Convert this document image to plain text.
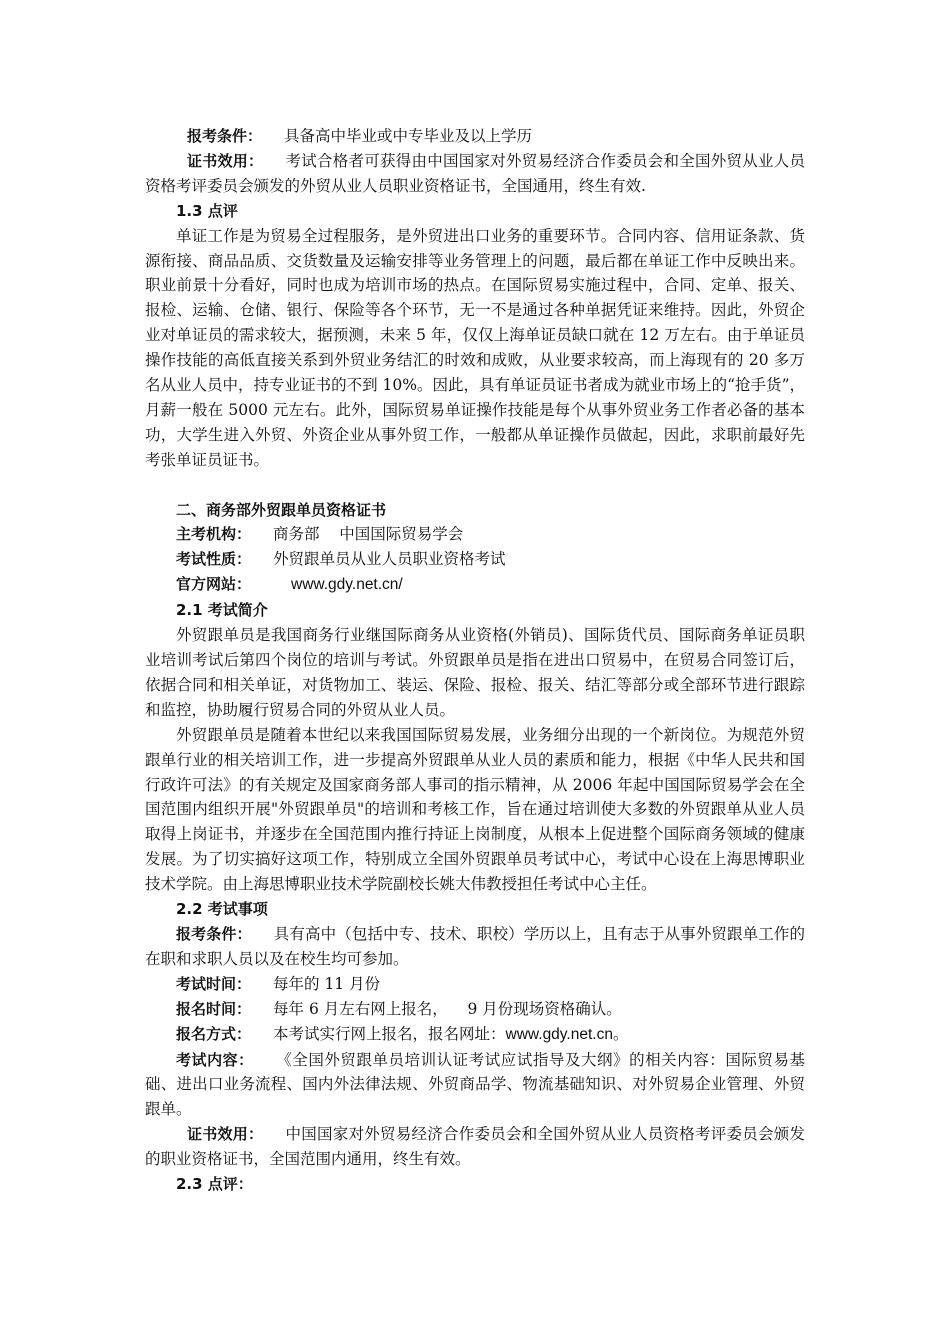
报考条件： 具备高中毕业或中专毕业及以上学历

证书效用： 考试合格者可获得由中国国家对外贸易经济合作委员会和全国外贸从业人员资格考评委员会颁发的外贸从业人员职业资格证书，全国通用，终生有效.

1.3 点评

单证工作是为贸易全过程服务，是外贸进出口业务的重要环节。合同内容、信用证条款、货源衔接、商品品质、交货数量及运输安排等业务管理上的问题，最后都在单证工作中反映出来。职业前景十分看好，同时也成为培训市场的热点。在国际贸易实施过程中，合同、定单、报关、报检、运输、仓储、银行、保险等各个环节，无一不是通过各种单据凭证来维持。因此，外贸企业对单证员的需求较大，据预测，未来 5 年，仅仅上海单证员缺口就在 12 万左右。由于单证员操作技能的高低直接关系到外贸业务结汇的时效和成败，从业要求较高，而上海现有的 20 多万名从业人员中，持专业证书的不到 10%。因此，具有单证员证书者成为就业市场上的“抢手货”，月薪一般在 5000 元左右。此外，国际贸易单证操作技能是每个从事外贸业务工作者必备的基本功，大学生进入外贸、外资企业从事外贸工作，一般都从单证操作员做起，因此，求职前最好先考张单证员证书。

二、商务部外贸跟单员资格证书

主考机构： 商务部    中国国际贸易学会

考试性质： 外贸跟单员从业人员职业资格考试

官方网站：	www.gdy.net.cn/

2.1 考试简介

外贸跟单员是我国商务行业继国际商务从业资格(外销员)、国际货代员、国际商务单证员职业培训考试后第四个岗位的培训与考试。外贸跟单员是指在进出口贸易中，在贸易合同签订后，依据合同和相关单证，对货物加工、装运、保险、报检、报关、结汇等部分或全部环节进行跟踪和监控，协助履行贸易合同的外贸从业人员。

外贸跟单员是随着本世纪以来我国国际贸易发展，业务细分出现的一个新岗位。为规范外贸跟单行业的相关培训工作，进一步提高外贸跟单从业人员的素质和能力，根据《中华人民共和国行政许可法》的有关规定及国家商务部人事司的指示精神，从 2006 年起中国国际贸易学会在全国范围内组织开展"外贸跟单员"的培训和考核工作，旨在通过培训使大多数的外贸跟单从业人员取得上岗证书，并逐步在全国范围内推行持证上岗制度，从根本上促进整个国际商务领域的健康发展。为了切实搞好这项工作，特别成立全国外贸跟单员考试中心，考试中心设在上海思博职业技术学院。由上海思博职业技术学院副校长姚大伟教授担任考试中心主任。

2.2 考试事项

报考条件： 具有高中（包括中专、技术、职校）学历以上，且有志于从事外贸跟单工作的在职和求职人员以及在校生均可参加。

考试时间： 每年的 11 月份

报名时间： 每年 6 月左右网上报名，    9 月份现场资格确认。

报名方式： 本考试实行网上报名，报名网址：www.gdy.net.cn。

考试内容： 《全国外贸跟单员培训认证考试应试指导及大纲》的相关内容：国际贸易基础、进出口业务流程、国内外法律法规、外贸商品学、物流基础知识、对外贸易企业管理、外贸跟单。

证书效用： 中国国家对外贸易经济合作委员会和全国外贸从业人员资格考评委员会颁发的职业资格证书，全国范围内通用，终生有效。

2.3 点评：
